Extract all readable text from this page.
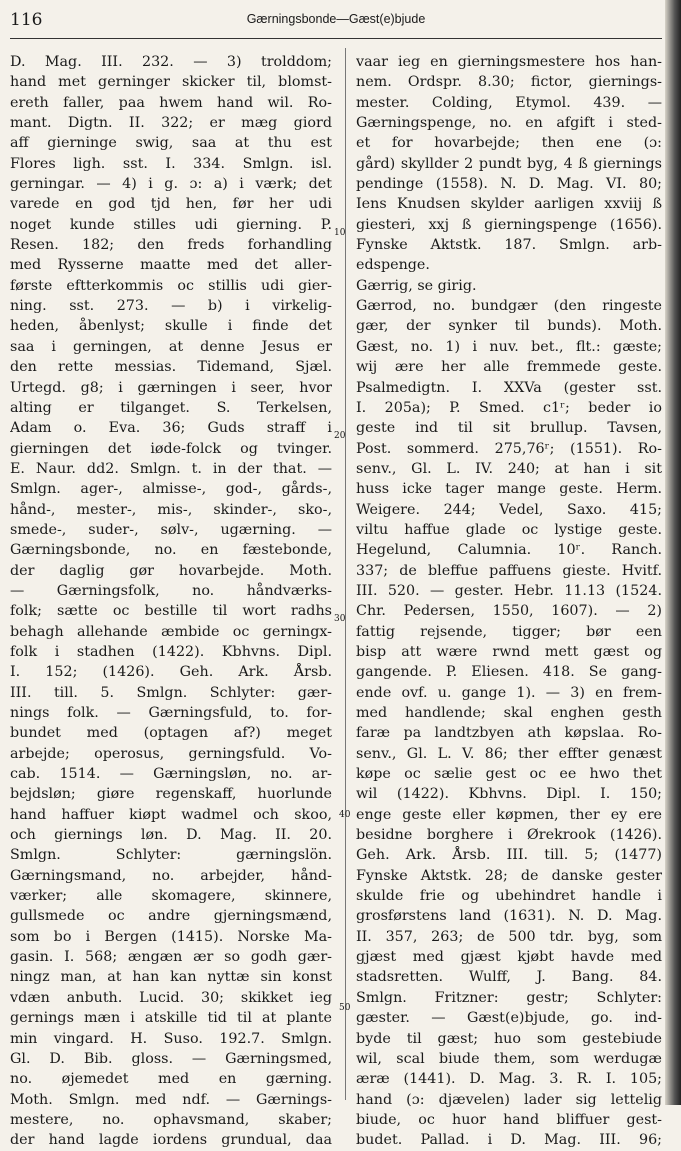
116	Gærningsbonde—Gæst(e)bjude
D. Mag. III. 232. — 3) trolddom;
hand met gerninger skicker til, blomst-
ereth faller, paa hwem hand wil. Ro-
mant. Digtn. II. 322; er mæg giord
aff gierninge swig, saa at thu est
Flores ligh. sst. I. 334. Smlgn. isl.
gerningar. — 4) i g. ɔ: a) i værk; det
varede en god tjd hen, før her udi
noget kunde stilles udi gierning. P.
Resen. 182; den freds forhandling
med Rysserne maatte med det aller-
første eftterkommis oc stillis udi gier-
ning. sst. 273. — b) i virkelig-
heden, åbenlyst; skulle i finde det
saa i gerningen, at denne Jesus er
den rette messias. Tidemand, Sjæl.
Urtegd. g8; i gærningen i seer, hvor
alting er tilganget. S. Terkelsen,
Adam o. Eva. 36; Guds straff i
gierningen det iøde-folck og tvinger.
E. Naur. dd2. Smlgn. t. in der that. —
Smlgn. ager-, almisse-, god-, gårds-,
hånd-, mester-, mis-, skinder-, sko-,
smede-, suder-, sølv-, ugærning. —
Gærningsbonde, no. en fæstebonde,
der daglig gør hovarbejde. Moth.
— Gærningsfolk, no. håndværks-
folk; sætte oc bestille til wort radhs
behagh allehande æmbide oc gerningx-
folk i stadhen (1422). Kbhvns. Dipl.
I. 152; (1426). Geh. Ark. Årsb.
III. till. 5. Smlgn. Schlyter: gær-
nings folk. — Gærningsfuld, to. for-
bundet med (optagen af?) meget
arbejde; operosus, gerningsfuld. Vo-
cab. 1514. — Gærningsløn, no. ar-
bejdsløn; giøre regenskaff, huorlunde
hand haffuer kiøpt wadmel och skoo,
och giernings løn. D. Mag. II. 20.
Smlgn. Schlyter: gærningslön.
Gærningsmand, no. arbejder, hånd-
værker; alle skomagere, skinnere,
gullsmede oc andre gjerningsmænd,
som bo i Bergen (1415). Norske Ma-
gasin. I. 568; ængæn ær so godh gær-
ningz man, at han kan nyttæ sin konst
vdæn anbuth. Lucid. 30; skikket ieg
gernings mæn i atskille tid til at plante
min vingard. H. Suso. 192.7. Smlgn.
Gl. D. Bib. gloss. — Gærningsmed,
no. øjemedet med en gærning.
Moth. Smlgn. med ndf. — Gærnings-
mestere, no. ophavsmand, skaber;
der hand lagde iordens grundual, daa
vaar ieg en gierningsmestere hos han-
nem. Ordspr. 8.30; fictor, giernings-
mester. Colding, Etymol. 439. —
Gærningspenge, no. en afgift i sted-
et for hovarbejde; then ene (ɔ:
gård) skyllder 2 pundt byg, 4 ß giernings
pendinge (1558). N. D. Mag. VI. 80;
Iens Knudsen skylder aarligen xxviij ß
giesteri, xxj ß gierningspenge (1656).
Fynske Aktstk. 187. Smlgn. arb-
edspenge.
Gærrig, se girig.
Gærrod, no. bundgær (den ringeste
gær, der synker til bunds). Moth.
Gæst, no. 1) i nuv. bet., flt.: gæste;
wij ære her alle fremmede geste.
Psalmedigtn. I. XXVa (gester sst.
I. 205a); P. Smed. c1ʳ; beder io
geste ind til sit brullup. Tavsen,
Post. sommerd. 275,76ʳ; (1551). Ro-
senv., Gl. L. IV. 240; at han i sit
huss icke tager mange geste. Herm.
Weigere. 244; Vedel, Saxo. 415;
viltu haffue glade oc lystige geste.
Hegelund, Calumnia. 10ʳ. Ranch.
337; de bleffue paffuens gieste. Hvitf.
III. 520. — gester. Hebr. 11.13 (1524.
Chr. Pedersen, 1550, 1607). — 2)
fattig rejsende, tigger; bør een
bisp att wære rwnd mett gæst og
gangende. P. Eliesen. 418. Se gang-
ende ovf. u. gange 1). — 3) en frem-
med handlende; skal enghen gesth
faræ pa landtzbyen ath køpslaa. Ro-
senv., Gl. L. V. 86; ther effter genæst
køpe oc sælie gest oc ee hwo thet
wil (1422). Kbhvns. Dipl. I. 150;
enge geste eller køpmen, ther ey ere
besidne borghere i Ørekrook (1426).
Geh. Ark. Årsb. III. till. 5; (1477)
Fynske Aktstk. 28; de danske gester
skulde frie og ubehindret handle i
grosførstens land (1631). N. D. Mag.
II. 357, 263; de 500 tdr. byg, som
gjæst med gjæst kjøbt havde med
stadsretten. Wulff, J. Bang. 84.
Smlgn. Fritzner: gestr; Schlyter:
gæster. — Gæst(e)bjude, go. ind-
byde til gæst; huo som gestebiude
wil, scal biude them, som werdugæ
æræ (1441). D. Mag. 3. R. I. 105;
hand (ɔ: djævelen) lader sig lettelig
biude, oc huor hand bliffuer gest-
budet. Pallad. i D. Mag. III. 96;
10
20
30
40
50
